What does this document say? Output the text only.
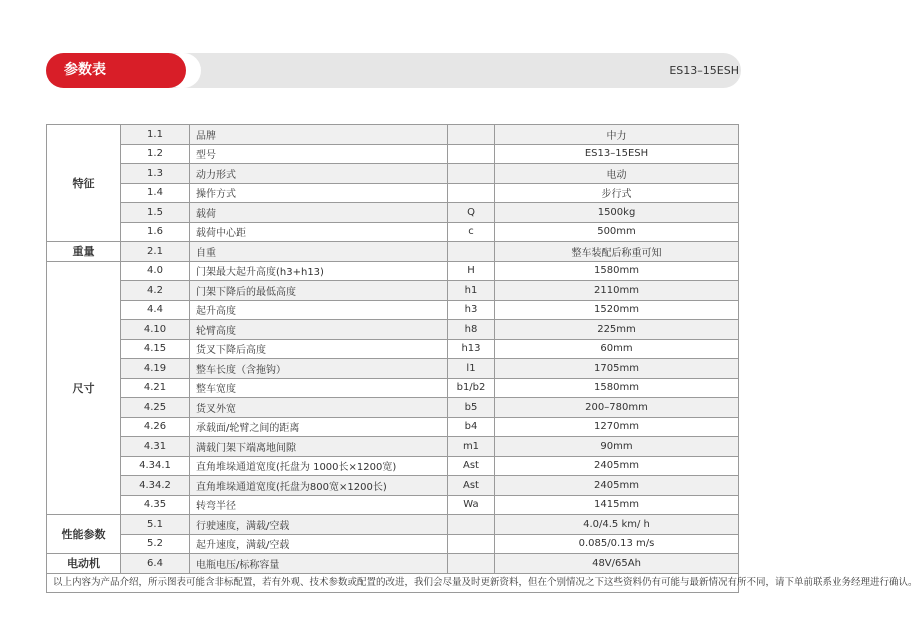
参数表	ES13–15ESH
特征	1.1	品牌		中力
	1.2	型号		ES13–15ESH
	1.3	动力形式		电动
	1.4	操作方式		步行式
	1.5	载荷	Q	1500kg
	1.6	载荷中心距	c	500mm
重量	2.1	自重		整车装配后称重可知
尺寸	4.0	门架最大起升高度(h3+h13)	H	1580mm
	4.2	门架下降后的最低高度	h1	2110mm
	4.4	起升高度	h3	1520mm
	4.10	轮臂高度	h8	225mm
	4.15	货叉下降后高度	h13	60mm
	4.19	整车长度（含拖钩）	l1	1705mm
	4.21	整车宽度	b1/b2	1580mm
	4.25	货叉外宽	b5	200–780mm
	4.26	承载面/轮臂之间的距离	b4	1270mm
	4.31	满载门架下端离地间隙	m1	90mm
	4.34.1	直角堆垛通道宽度(托盘为 1000长×1200宽)	Ast	2405mm
	4.34.2	直角堆垛通道宽度(托盘为800宽×1200长)	Ast	2405mm
	4.35	转弯半径	Wa	1415mm
性能参数	5.1	行驶速度，满载/空载		4.0/4.5 km/ h
	5.2	起升速度，满载/空载		0.085/0.13 m/s
电动机	6.4	电瓶电压/标称容量		48V/65Ah
以上内容为产品介绍，所示图表可能含非标配置，若有外观、技术参数或配置的改进，我们会尽量及时更新资料，但在个别情况之下这些资料仍有可能与最新情况有所不同，请下单前联系业务经理进行确认。				
